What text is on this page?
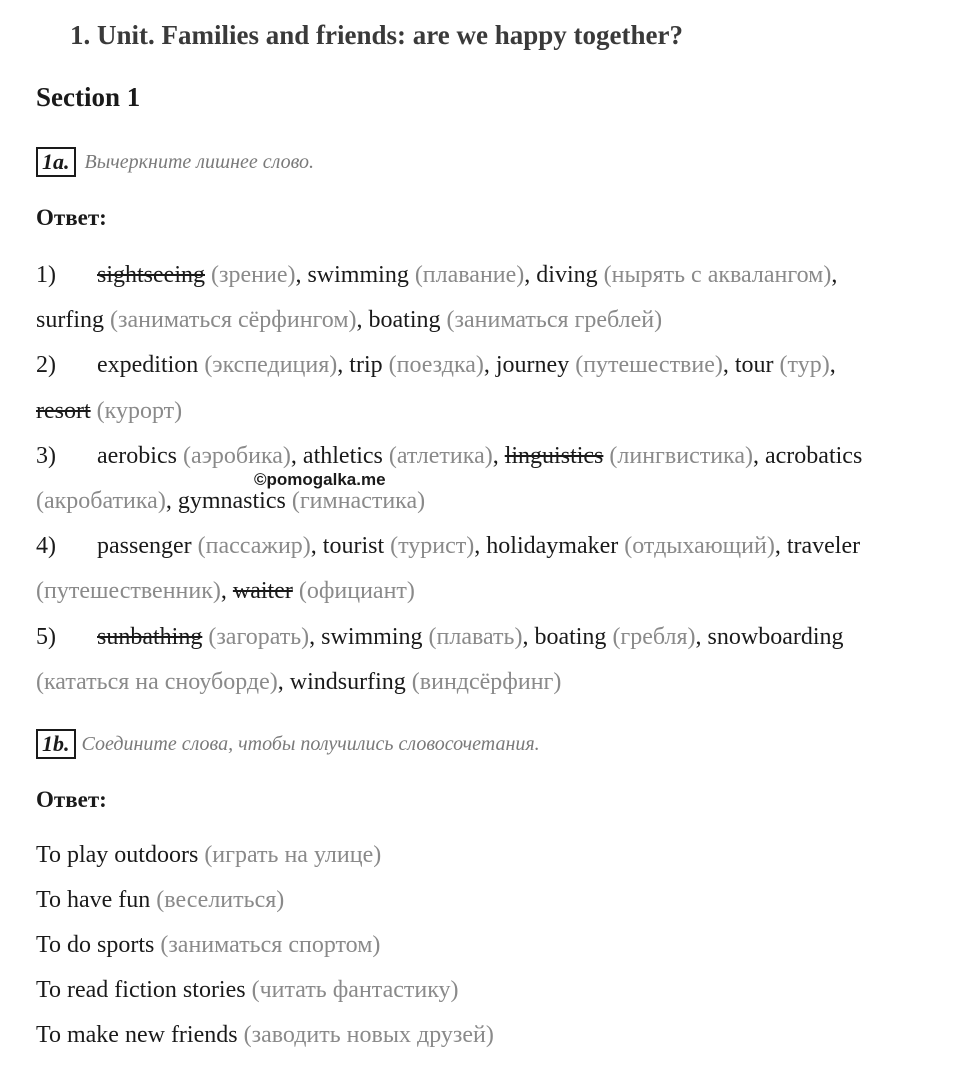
1. Unit. Families and friends: are we happy together?
Section 1
1a. Вычеркните лишнее слово.
Ответ:
1) sightseeing (зрение), swimming (плавание), diving (нырять с аквалангом),
surfing (заниматься сёрфингом), boating (заниматься греблей)
2) expedition (экспедиция), trip (поездка), journey (путешествие), tour (тур),
resort (курорт)
3) aerobics (аэробика), athletics (атлетика), linguistics (лингвистика), acrobatics
(акробатика), gymnastics (гимнастика)
4) passenger (пассажир), tourist (турист), holidaymaker (отдыхающий), traveler
(путешественник), waiter (официант)
5) sunbathing (загорать), swimming (плавать), boating (гребля), snowboarding
(кататься на сноуборде), windsurfing (виндсёрфинг)
©pomogalka.me
1b. Соедините слова, чтобы получились словосочетания.
Ответ:
To play outdoors (играть на улице)
To have fun (веселиться)
To do sports (заниматься спортом)
To read fiction stories (читать фантастику)
To make new friends (заводить новых друзей)
